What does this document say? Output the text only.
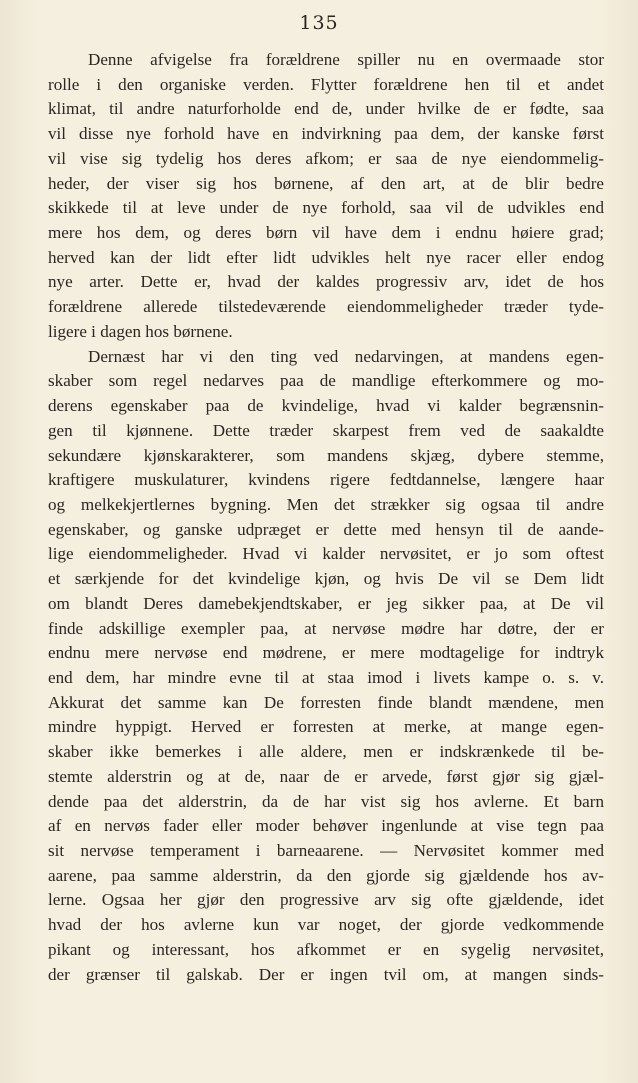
135
Denne afvigelse fra forældrene spiller nu en overmaade stor
rolle i den organiske verden. Flytter forældrene hen til et andet
klimat, til andre naturforholde end de, under hvilke de er fødte, saa
vil disse nye forhold have en indvirkning paa dem, der kanske først
vil vise sig tydelig hos deres afkom; er saa de nye eiendommelig-
heder, der viser sig hos børnene, af den art, at de blir bedre
skikkede til at leve under de nye forhold, saa vil de udvikles end
mere hos dem, og deres børn vil have dem i endnu høiere grad;
herved kan der lidt efter lidt udvikles helt nye racer eller endog
nye arter. Dette er, hvad der kaldes progressiv arv, idet de hos
forældrene allerede tilstedeværende eiendommeligheder træder tyde-
ligere i dagen hos børnene.
Dernæst har vi den ting ved nedarvingen, at mandens egen-
skaber som regel nedarves paa de mandlige efterkommere og mo-
derens egenskaber paa de kvindelige, hvad vi kalder begrænsnin-
gen til kjønnene. Dette træder skarpest frem ved de saakaldte
sekundære kjønskarakterer, som mandens skjæg, dybere stemme,
kraftigere muskulaturer, kvindens rigere fedtdannelse, længere haar
og melkekjertlernes bygning. Men det strækker sig ogsaa til andre
egenskaber, og ganske udpræget er dette med hensyn til de aande-
lige eiendommeligheder. Hvad vi kalder nervøsitet, er jo som oftest
et særkjende for det kvindelige kjøn, og hvis De vil se Dem lidt
om blandt Deres damebekjendtskaber, er jeg sikker paa, at De vil
finde adskillige exempler paa, at nervøse mødre har døtre, der er
endnu mere nervøse end mødrene, er mere modtagelige for indtryk
end dem, har mindre evne til at staa imod i livets kampe o. s. v.
Akkurat det samme kan De forresten finde blandt mændene, men
mindre hyppigt. Herved er forresten at merke, at mange egen-
skaber ikke bemerkes i alle aldere, men er indskrænkede til be-
stemte alderstrin og at de, naar de er arvede, først gjør sig gjæl-
dende paa det alderstrin, da de har vist sig hos avlerne. Et barn
af en nervøs fader eller moder behøver ingenlunde at vise tegn paa
sit nervøse temperament i barneaarene. — Nervøsitet kommer med
aarene, paa samme alderstrin, da den gjorde sig gjældende hos av-
lerne. Ogsaa her gjør den progressive arv sig ofte gjældende, idet
hvad der hos avlerne kun var noget, der gjorde vedkommende
pikant og interessant, hos afkommet er en sygelig nervøsitet,
der grænser til galskab. Der er ingen tvil om, at mangen sinds-
